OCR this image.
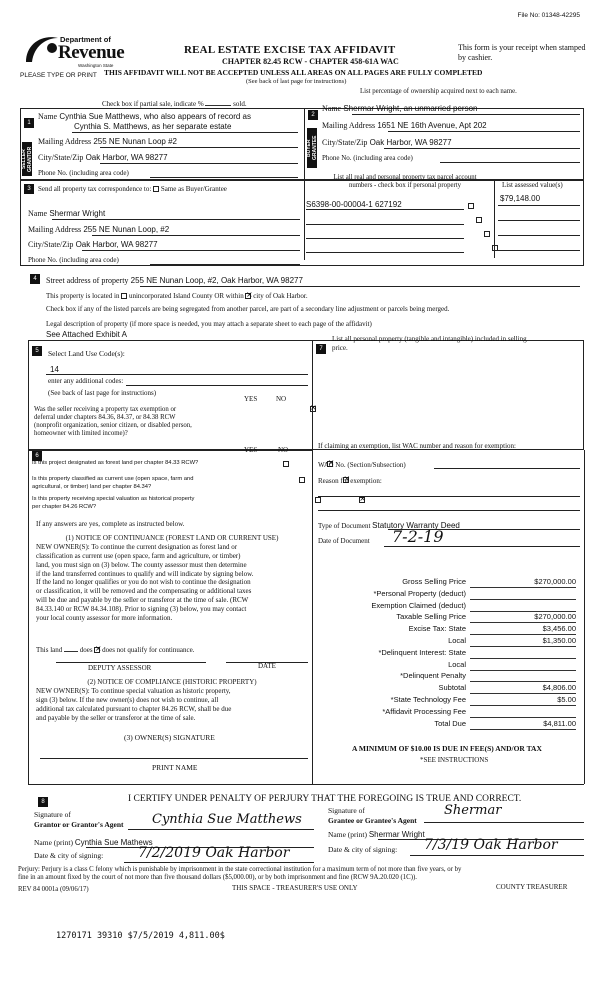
File No: 01348-42295
Department of
Revenue
Washington State
PLEASE TYPE OR PRINT
REAL ESTATE EXCISE TAX AFFIDAVIT
CHAPTER 82.45 RCW - CHAPTER 458-61A WAC
THIS AFFIDAVIT WILL NOT BE ACCEPTED UNLESS ALL AREAS ON ALL PAGES ARE FULLY COMPLETED
(See back of last page for instructions)
This form is your receipt when stamped by cashier.
Check box if partial sale, indicate %	sold.
List percentage of ownership acquired next to each name.
1
SELLER GRANTOR
Name Cynthia Sue Matthews, who also appears of record as
Cynthia S. Matthews, as her separate estate
Mailing Address 255 NE Nunan Loop #2
City/State/Zip Oak Harbor, WA 98277
Phone No. (including area code)
2
BUYER GRANTEE
Name Shermar Wright, an unmarried person
Mailing Address 1651 NE 16th Avenue, Apt 202
City/State/Zip Oak Harbor, WA 98277
Phone No. (including area code)
3	Send all property tax correspondence to: Same as Buyer/Grantee
Name Shermar Wright
Mailing Address 255 NE Nunan Loop, #2
City/State/Zip Oak Harbor, WA 98277
Phone No. (including area code)
List all real and personal property tax parcel account
numbers - check box if personal property	List assessed value(s)
S6398-00-00004-1 627192
$79,148.00

4	Street address of property 255 NE Nunan Loop, #2, Oak Harbor, WA 98277
This property is located in unincorporated Island County OR within × city of Oak Harbor.
Check box if any of the listed parcels are being segregated from another parcel, are part of a secondary line adjustment or parcels being merged.
Legal description of property (if more space is needed, you may attach a separate sheet to each page of the affidavit)
See Attached Exhibit A
5	Select Land Use Code(s):
14
enter any additional codes:
(See back of last page for instructions)
YES	NO
×
Was the seller receiving a property tax exemption or
deferral under chapters 84.36, 84.37, or 84.38 RCW
(nonprofit organization, senior citizen, or disabled person,
homeowner with limited income)?
7
List all personal property (tangible and intangible) included in selling
price.
6
YES	NO
Is this project designated as forest land per chapter 84.33 RCW?
×
Is this property classified as current use (open space, farm and
agricultural, or timber) land per chapter 84.34?
×
Is this property receiving special valuation as historical property
per chapter 84.26 RCW?
×
If any answers are yes, complete as instructed below.
(1) NOTICE OF CONTINUANCE (FOREST LAND OR CURRENT USE)
NEW OWNER(S): To continue the current designation as forest land or
classification as current use (open space, farm and agriculture, or timber)
land, you must sign on (3) below. The county assessor must then determine
if the land transferred continues to qualify and will indicate by signing below.
If the land no longer qualifies or you do not wish to continue the designation
or classification, it will be removed and the compensating or additional taxes
will be due and payable by the seller or transferor at the time of sale. (RCW
84.33.140 or RCW 84.34.108). Prior to signing (3) below, you may contact
your local county assessor for more information.
This land	does × does not qualify for continuance.
DEPUTY ASSESSOR	DATE
(2) NOTICE OF COMPLIANCE (HISTORIC PROPERTY)
NEW OWNER(S): To continue special valuation as historic property,
sign (3) below. If the new owner(s) does not wish to continue, all
additional tax calculated pursuant to chapter 84.26 RCW, shall be due
and payable by the seller or transferor at the time of sale.
(3) OWNER(S) SIGNATURE
PRINT NAME
If claiming an exemption, list WAC number and reason for exemption:
WAC No. (Section/Subsection)
Reason for exemption:
Type of Document Statutory Warranty Deed
Date of Document 7-2-19
Gross Selling Price	$270,000.00
*Personal Property (deduct)
Exemption Claimed (deduct)
Taxable Selling Price	$270,000.00
Excise Tax: State	$3,456.00
Local	$1,350.00
*Delinquent Interest: State
Local
*Delinquent Penalty
Subtotal	$4,806.00
*State Technology Fee	$5.00
*Affidavit Processing Fee
Total Due	$4,811.00
A MINIMUM OF $10.00 IS DUE IN FEE(S) AND/OR TAX
*SEE INSTRUCTIONS
8	I CERTIFY UNDER PENALTY OF PERJURY THAT THE FOREGOING IS TRUE AND CORRECT.
Signature of
Grantor or Grantor's Agent Cynthia Sue Matthews
Name (print) Cynthia Sue Mathews
Date & city of signing: 7/2/2019 Oak Harbor
Signature of
Grantee or Grantee's Agent
Shermar
Name (print) Shermar Wright
Date & city of signing: 7/3/19 Oak Harbor
Perjury: Perjury is a class C felony which is punishable by imprisonment in the state correctional institution for a maximum term of not more than five years, or by
fine in an amount fixed by the court of not more than five thousand dollars ($5,000.00), or by both imprisonment and fine (RCW 9A.20.020 (1C)).
REV 84 0001a (09/06/17)	THIS SPACE - TREASURER'S USE ONLY	COUNTY TREASURER
1270171 39310 $7/5/2019 4,811.00$
